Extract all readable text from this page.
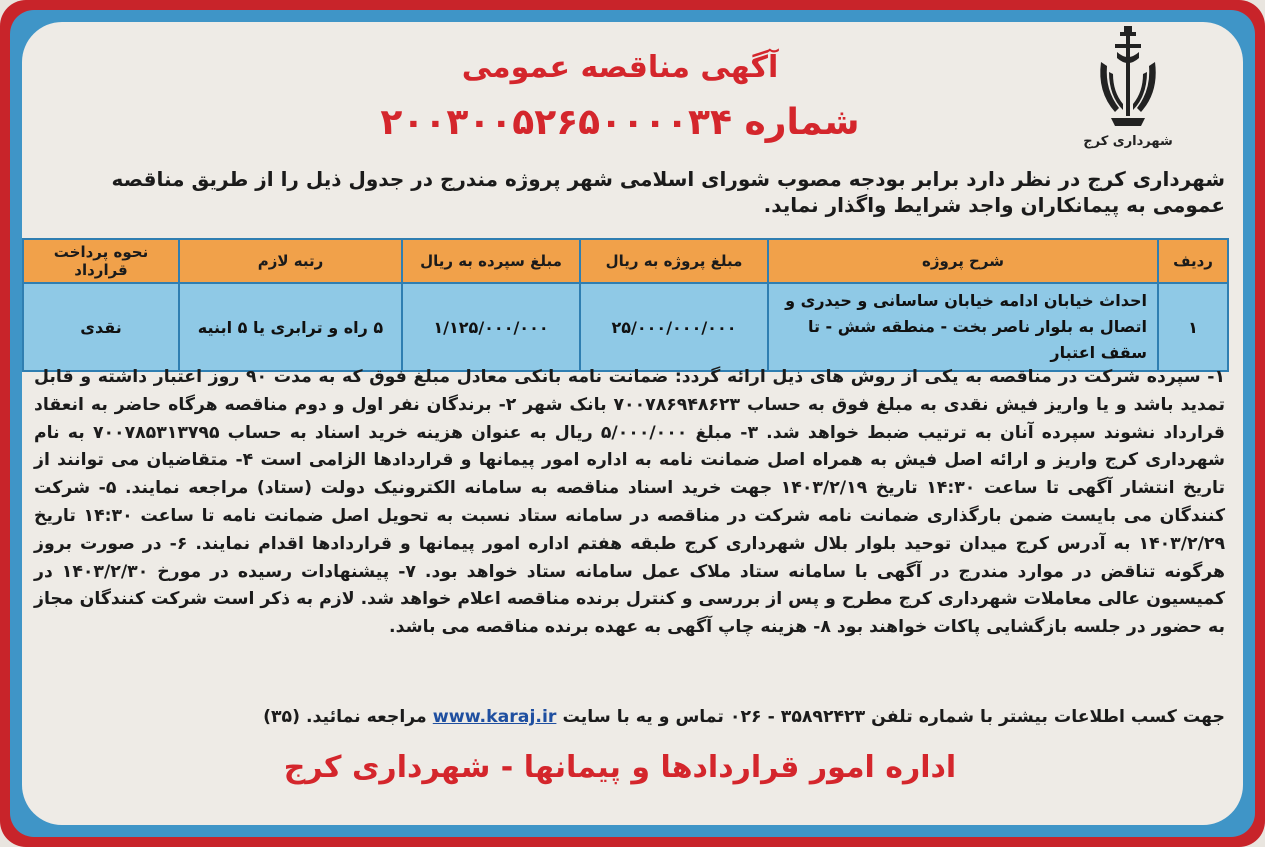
شهرداری کرج
آگهی مناقصه عمومی
شماره ۲۰۰۳۰۰۵۲۶۵۰۰۰۰۳۴
شهرداری کرج در نظر دارد برابر بودجه مصوب شورای اسلامی شهر پروژه مندرج در جدول ذیل را از طریق مناقصه عمومی به پیمانکاران واجد شرایط واگذار نماید.
ردیف	شرح پروژه	مبلغ پروژه به ریال	مبلغ سپرده به ریال	رتبه لازم	نحوه پرداخت قرارداد
۱	احداث خیابان ادامه خیابان ساسانی و حیدری و اتصال به بلوار ناصر بخت - منطقه شش - تا سقف اعتبار	۲۵/۰۰۰/۰۰۰/۰۰۰	۱/۱۲۵/۰۰۰/۰۰۰	۵ راه و ترابری یا ۵ ابنیه	نقدی
۱- سپرده شرکت در مناقصه به یکی از روش های ذیل ارائه گردد: ضمانت نامه بانکی معادل مبلغ فوق که به مدت ۹۰ روز اعتبار داشته و قابل تمدید باشد و یا واریز فیش نقدی به مبلغ فوق به حساب ۷۰۰۷۸۶۹۴۸۶۲۳ بانک شهر ۲- برندگان نفر اول و دوم مناقصه هرگاه حاضر به انعقاد قرارداد نشوند سپرده آنان به ترتیب ضبط خواهد شد. ۳- مبلغ ۵/۰۰۰/۰۰۰ ریال به عنوان هزینه خرید اسناد به حساب ۷۰۰۷۸۵۳۱۳۷۹۵ به نام شهرداری کرج واریز و ارائه اصل فیش به همراه اصل ضمانت نامه به اداره امور پیمانها و قراردادها الزامی است ۴- متقاضیان می توانند از تاریخ انتشار آگهی تا ساعت ۱۴:۳۰ تاریخ ۱۴۰۳/۲/۱۹ جهت خرید اسناد مناقصه به سامانه الکترونیک دولت (ستاد) مراجعه نمایند. ۵- شرکت کنندگان می بایست ضمن بارگذاری ضمانت نامه شرکت در مناقصه در سامانه ستاد نسبت به تحویل اصل ضمانت نامه تا ساعت ۱۴:۳۰ تاریخ ۱۴۰۳/۲/۲۹ به آدرس کرج میدان توحید بلوار بلال شهرداری کرج طبقه هفتم اداره امور پیمانها و قراردادها اقدام نمایند. ۶- در صورت بروز هرگونه تناقض در موارد مندرج در آگهی با سامانه ستاد ملاک عمل سامانه ستاد خواهد بود. ۷- پیشنهادات رسیده در مورخ ۱۴۰۳/۲/۳۰ در کمیسیون عالی معاملات شهرداری کرج مطرح و پس از بررسی و کنترل برنده مناقصه اعلام خواهد شد. لازم به ذکر است شرکت کنندگان مجاز به حضور در جلسه بازگشایی پاکات خواهند بود ۸- هزینه چاپ آگهی به عهده برنده مناقصه می باشد.
جهت کسب اطلاعات بیشتر با شماره تلفن ۳۵۸۹۲۴۲۳ - ۰۲۶ تماس و یه با سایت www.karaj.ir مراجعه نمائید. (۳۵)
اداره امور قراردادها و پیمانها - شهرداری کرج
